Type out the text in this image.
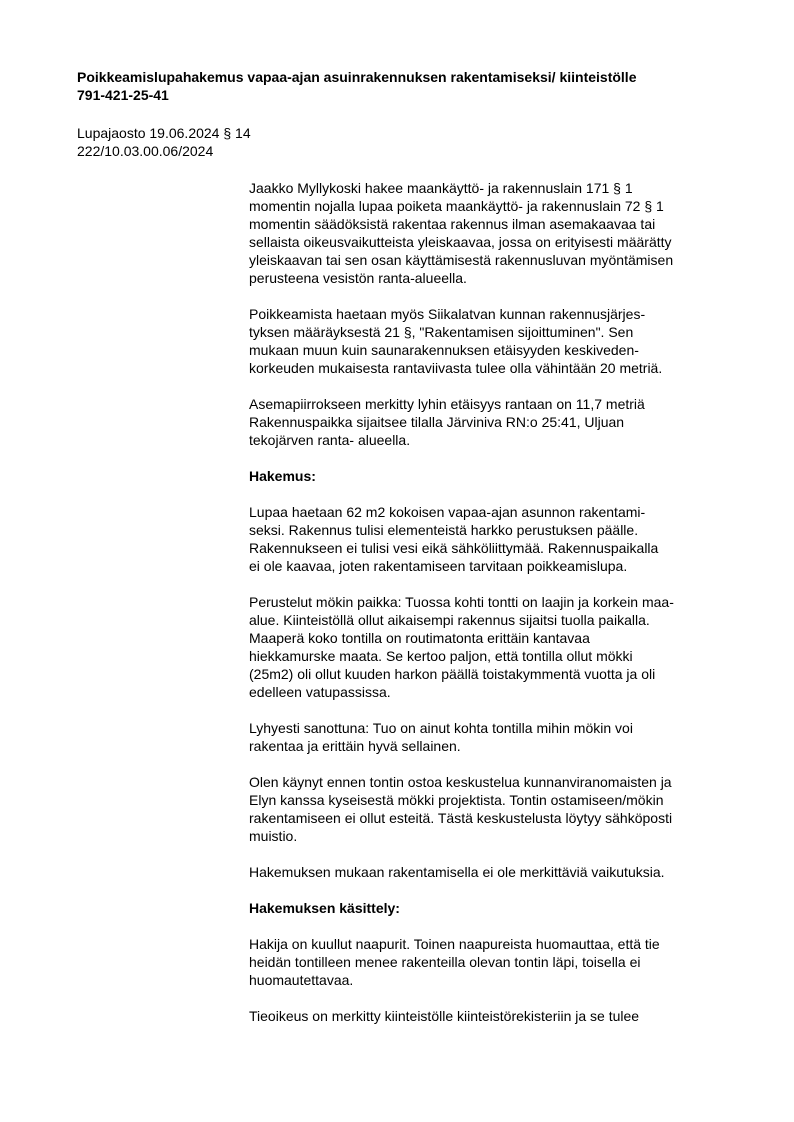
Poikkeamislupahakemus vapaa-ajan asuinrakennuksen rakentamiseksi/ kiinteistölle
791-421-25-41
Lupajaosto 19.06.2024 § 14
222/10.03.00.06/2024
Jaakko Myllykoski hakee maankäyttö- ja rakennuslain 171 § 1
momentin nojalla lupaa poiketa maankäyttö- ja rakennuslain 72 § 1
momentin säädöksistä rakentaa rakennus ilman asemakaavaa tai
sellaista oikeusvaikutteista yleiskaavaa, jossa on erityisesti määrätty
yleiskaavan tai sen osan käyttämisestä rakennusluvan myöntämisen
perusteena vesistön ranta-alueella.
Poikkeamista haetaan myös Siikalatvan kunnan rakennusjärjes-
tyksen määräyksestä 21 §, "Rakentamisen sijoittuminen". Sen
mukaan muun kuin saunarakennuksen etäisyyden keskiveden-
korkeuden mukaisesta rantaviivasta tulee olla vähintään 20 metriä.
Asemapiirrokseen merkitty lyhin etäisyys rantaan on 11,7 metriä
Rakennuspaikka sijaitsee tilalla Järviniva RN:o 25:41, Uljuan
tekojärven ranta- alueella.
Hakemus:
Lupaa haetaan 62 m2 kokoisen vapaa-ajan asunnon rakentami-
seksi. Rakennus tulisi elementeistä harkko perustuksen päälle.
Rakennukseen ei tulisi vesi eikä sähköliittymää. Rakennuspaikalla
ei ole kaavaa, joten rakentamiseen tarvitaan poikkeamislupa.
Perustelut mökin paikka: Tuossa kohti tontti on laajin ja korkein maa-
alue. Kiinteistöllä ollut aikaisempi rakennus sijaitsi tuolla paikalla.
Maaperä koko tontilla on routimatonta erittäin kantavaa
hiekkamurske maata. Se kertoo paljon, että tontilla ollut mökki
(25m2) oli ollut kuuden harkon päällä toistakymmentä vuotta ja oli
edelleen vatupassissa.
Lyhyesti sanottuna: Tuo on ainut kohta tontilla mihin mökin voi
rakentaa ja erittäin hyvä sellainen.
Olen käynyt ennen tontin ostoa keskustelua kunnanviranomaisten ja
Elyn kanssa kyseisestä mökki projektista. Tontin ostamiseen/mökin
rakentamiseen ei ollut esteitä. Tästä keskustelusta löytyy sähköposti
muistio.
Hakemuksen mukaan rakentamisella ei ole merkittäviä vaikutuksia.
Hakemuksen käsittely:
Hakija on kuullut naapurit. Toinen naapureista huomauttaa, että tie
heidän tontilleen menee rakenteilla olevan tontin läpi, toisella ei
huomautettavaa.
Tieoikeus on merkitty kiinteistölle kiinteistörekisteriin ja se tulee
